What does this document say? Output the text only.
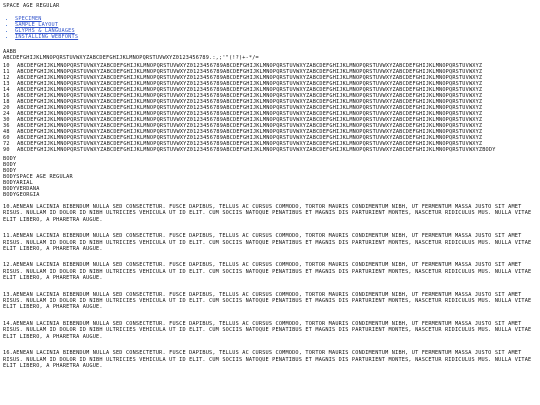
SPACE AGE REGULAR
• SPECIMEN
• SAMPLE LAYOUT
• GLYPHS & LANGUAGES
• INSTALLING WEBFONTS
AABB
ABCDEFGHIJKLMNOPQRSTUVWXYZABCDEFGHIJKLMNOPQRSTUVWXYZ0123456789.:,;'"(!?)+-*/=
10	ABCDEFGHIJKLMNOPQRSTUVWXYZABCDEFGHIJKLMNOPQRSTUVWXYZ0123456789ABCDEFGHIJKLMNOPQRSTUVWXYZABCDEFGHIJKLMNOPQRSTUVWXYZABCDEFGHIJKLMNOPQRSTUVWXYZ
11	ABCDEFGHIJKLMNOPQRSTUVWXYZABCDEFGHIJKLMNOPQRSTUVWXYZ0123456789ABCDEFGHIJKLMNOPQRSTUVWXYZABCDEFGHIJKLMNOPQRSTUVWXYZABCDEFGHIJKLMNOPQRSTUVWXYZ
12	ABCDEFGHIJKLMNOPQRSTUVWXYZABCDEFGHIJKLMNOPQRSTUVWXYZ0123456789ABCDEFGHIJKLMNOPQRSTUVWXYZABCDEFGHIJKLMNOPQRSTUVWXYZABCDEFGHIJKLMNOPQRSTUVWXYZ
13	ABCDEFGHIJKLMNOPQRSTUVWXYZABCDEFGHIJKLMNOPQRSTUVWXYZ0123456789ABCDEFGHIJKLMNOPQRSTUVWXYZABCDEFGHIJKLMNOPQRSTUVWXYZABCDEFGHIJKLMNOPQRSTUVWXYZ
14	ABCDEFGHIJKLMNOPQRSTUVWXYZABCDEFGHIJKLMNOPQRSTUVWXYZ0123456789ABCDEFGHIJKLMNOPQRSTUVWXYZABCDEFGHIJKLMNOPQRSTUVWXYZABCDEFGHIJKLMNOPQRSTUVWXYZ
16	ABCDEFGHIJKLMNOPQRSTUVWXYZABCDEFGHIJKLMNOPQRSTUVWXYZ0123456789ABCDEFGHIJKLMNOPQRSTUVWXYZABCDEFGHIJKLMNOPQRSTUVWXYZABCDEFGHIJKLMNOPQRSTUVWXYZ
18	ABCDEFGHIJKLMNOPQRSTUVWXYZABCDEFGHIJKLMNOPQRSTUVWXYZ0123456789ABCDEFGHIJKLMNOPQRSTUVWXYZABCDEFGHIJKLMNOPQRSTUVWXYZABCDEFGHIJKLMNOPQRSTUVWXYZ
20	ABCDEFGHIJKLMNOPQRSTUVWXYZABCDEFGHIJKLMNOPQRSTUVWXYZ0123456789ABCDEFGHIJKLMNOPQRSTUVWXYZABCDEFGHIJKLMNOPQRSTUVWXYZABCDEFGHIJKLMNOPQRSTUVWXYZ
24	ABCDEFGHIJKLMNOPQRSTUVWXYZABCDEFGHIJKLMNOPQRSTUVWXYZ0123456789ABCDEFGHIJKLMNOPQRSTUVWXYZABCDEFGHIJKLMNOPQRSTUVWXYZABCDEFGHIJKLMNOPQRSTUVWXYZ
30	ABCDEFGHIJKLMNOPQRSTUVWXYZABCDEFGHIJKLMNOPQRSTUVWXYZ0123456789ABCDEFGHIJKLMNOPQRSTUVWXYZABCDEFGHIJKLMNOPQRSTUVWXYZABCDEFGHIJKLMNOPQRSTUVWXYZ
36	ABCDEFGHIJKLMNOPQRSTUVWXYZABCDEFGHIJKLMNOPQRSTUVWXYZ0123456789ABCDEFGHIJKLMNOPQRSTUVWXYZABCDEFGHIJKLMNOPQRSTUVWXYZABCDEFGHIJKLMNOPQRSTUVWXYZ
48	ABCDEFGHIJKLMNOPQRSTUVWXYZABCDEFGHIJKLMNOPQRSTUVWXYZ0123456789ABCDEFGHIJKLMNOPQRSTUVWXYZABCDEFGHIJKLMNOPQRSTUVWXYZABCDEFGHIJKLMNOPQRSTUVWXYZ
60	ABCDEFGHIJKLMNOPQRSTUVWXYZABCDEFGHIJKLMNOPQRSTUVWXYZ0123456789ABCDEFGHIJKLMNOPQRSTUVWXYZABCDEFGHIJKLMNOPQRSTUVWXYZABCDEFGHIJKLMNOPQRSTUVWXYZ
72	ABCDEFGHIJKLMNOPQRSTUVWXYZABCDEFGHIJKLMNOPQRSTUVWXYZ0123456789ABCDEFGHIJKLMNOPQRSTUVWXYZABCDEFGHIJKLMNOPQRSTUVWXYZABCDEFGHIJKLMNOPQRSTUVWXYZ
90	ABCDEFGHIJKLMNOPQRSTUVWXYZABCDEFGHIJKLMNOPQRSTUVWXYZ0123456789ABCDEFGHIJKLMNOPQRSTUVWXYZABCDEFGHIJKLMNOPQRSTUVWXYZABCDEFGHIJKLMNOPQRSTUVWXYZBODY
BODY
BODY
BODY
BODYSPACE AGE REGULAR
BODYARIAL
BODYVERDANA
BODYGEORGIA

10.AENEAN LACINIA BIBENDUM NULLA SED CONSECTETUR. FUSCE DAPIBUS, TELLUS AC CURSUS COMMODO, TORTOR MAURIS CONDIMENTUM NIBH, UT FERMENTUM MASSA JUSTO SIT AMET RISUS. NULLAM ID DOLOR ID NIBH ULTRICIES VEHICULA UT ID ELIT. CUM SOCIIS NATOQUE PENATIBUS ET MAGNIS DIS PARTURIENT MONTES, NASCETUR RIDICULUS MUS. NULLA VITAE ELIT LIBERO, A PHARETRA AUGUE.

11.AENEAN LACINIA BIBENDUM NULLA SED CONSECTETUR. FUSCE DAPIBUS, TELLUS AC CURSUS COMMODO, TORTOR MAURIS CONDIMENTUM NIBH, UT FERMENTUM MASSA JUSTO SIT AMET RISUS. NULLAM ID DOLOR ID NIBH ULTRICIES VEHICULA UT ID ELIT. CUM SOCIIS NATOQUE PENATIBUS ET MAGNIS DIS PARTURIENT MONTES, NASCETUR RIDICULUS MUS. NULLA VITAE ELIT LIBERO, A PHARETRA AUGUE.

12.AENEAN LACINIA BIBENDUM NULLA SED CONSECTETUR. FUSCE DAPIBUS, TELLUS AC CURSUS COMMODO, TORTOR MAURIS CONDIMENTUM NIBH, UT FERMENTUM MASSA JUSTO SIT AMET RISUS. NULLAM ID DOLOR ID NIBH ULTRICIES VEHICULA UT ID ELIT. CUM SOCIIS NATOQUE PENATIBUS ET MAGNIS DIS PARTURIENT MONTES, NASCETUR RIDICULUS MUS. NULLA VITAE ELIT LIBERO, A PHARETRA AUGUE.

13.AENEAN LACINIA BIBENDUM NULLA SED CONSECTETUR. FUSCE DAPIBUS, TELLUS AC CURSUS COMMODO, TORTOR MAURIS CONDIMENTUM NIBH, UT FERMENTUM MASSA JUSTO SIT AMET RISUS. NULLAM ID DOLOR ID NIBH ULTRICIES VEHICULA UT ID ELIT. CUM SOCIIS NATOQUE PENATIBUS ET MAGNIS DIS PARTURIENT MONTES, NASCETUR RIDICULUS MUS. NULLA VITAE ELIT LIBERO, A PHARETRA AUGUE.

14.AENEAN LACINIA BIBENDUM NULLA SED CONSECTETUR. FUSCE DAPIBUS, TELLUS AC CURSUS COMMODO, TORTOR MAURIS CONDIMENTUM NIBH, UT FERMENTUM MASSA JUSTO SIT AMET RISUS. NULLAM ID DOLOR ID NIBH ULTRICIES VEHICULA UT ID ELIT. CUM SOCIIS NATOQUE PENATIBUS ET MAGNIS DIS PARTURIENT MONTES, NASCETUR RIDICULUS MUS. NULLA VITAE ELIT LIBERO, A PHARETRA AUGUE.

16.AENEAN LACINIA BIBENDUM NULLA SED CONSECTETUR. FUSCE DAPIBUS, TELLUS AC CURSUS COMMODO, TORTOR MAURIS CONDIMENTUM NIBH, UT FERMENTUM MASSA JUSTO SIT AMET RISUS. NULLAM ID DOLOR ID NIBH ULTRICIES VEHICULA UT ID ELIT. CUM SOCIIS NATOQUE PENATIBUS ET MAGNIS DIS PARTURIENT MONTES, NASCETUR RIDICULUS MUS. NULLA VITAE ELIT LIBERO, A PHARETRA AUGUE.
